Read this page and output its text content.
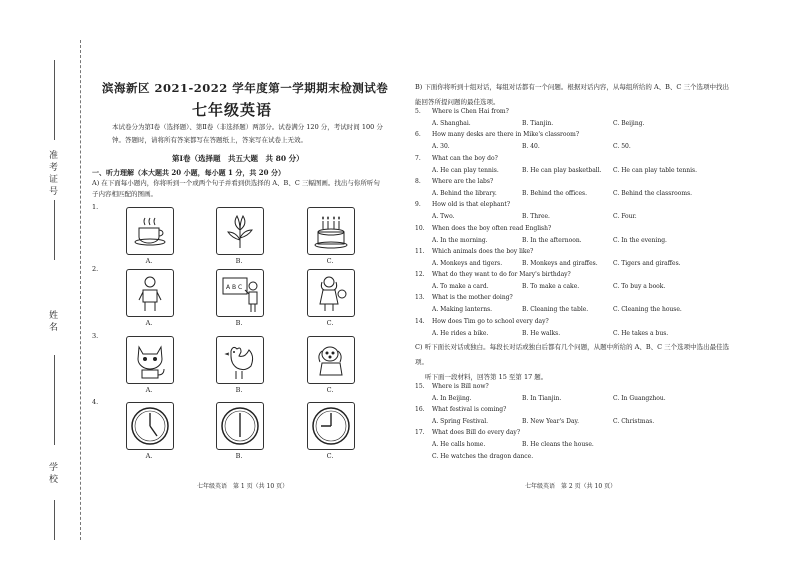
准考证号
姓名
学校
滨海新区 2021-2022 学年度第一学期期末检测试卷
七年级英语
本试卷分为第Ⅰ卷（选择题）、第Ⅱ卷（非选择题）两部分。试卷满分 120 分，考试时间 100 分钟。答题时，请将所有答案都写在答题纸上，答案写在试卷上无效。
第Ⅰ卷（选择题　共五大题　共 80 分）
一、听力理解（本大题共 20 小题，每小题 1 分，共 20 分）
A) 在下面每小题内，你将听到一个或两个句子并看到供选择的 A、B、C 三幅图画。找出与你所听句子内容相匹配的图画。
1.
A.	B.	C.
2.
A B C
A.	B.	C.
3.
A.	B.	C.
4.
A.	B.	C.
七年级英语　第 1 页（共 10 页）
B) 下面你将听到十组对话，每组对话都有一个问题。根据对话内容，从每组所给的 A、B、C 三个选项中找出能回答所提问题的最佳选项。
5. Where is Chen Hai from?
A. Shanghai.	B. Tianjin.	C. Beijing.
6. How many desks are there in Mike's classroom?
A. 30.	B. 40.	C. 50.
7. What can the boy do?
A. He can play tennis.	B. He can play basketball. C. He can play table tennis.
8. Where are the labs?
A. Behind the library.	B. Behind the offices.	C. Behind the classrooms.
9. How old is that elephant?
A. Two.	B. Three.	C. Four.
10. When does the boy often read English?
A. In the morning.	B. In the afternoon.	C. In the evening.
11. Which animals does the boy like?
A. Monkeys and tigers.	B. Monkeys and giraffes.	C. Tigers and giraffes.
12. What do they want to do for Mary's birthday?
A. To make a card.	B. To make a cake.	C. To buy a book.
13. What is the mother doing?
A. Making lanterns.	B. Cleaning the table.	C. Cleaning the house.
14. How does Tim go to school every day?
A. He rides a bike.	B. He walks.	C. He takes a bus.
C) 听下面长对话或独白。每段长对话或独白后都有几个问题，从题中所给的 A、B、C 三个选项中选出最佳选项。
听下面一段材料，回答第 15 至第 17 题。
15. Where is Bill now?
A. In Beijing.	B. In Tianjin.	C. In Guangzhou.
16. What festival is coming?
A. Spring Festival.	B. New Year's Day.	C. Christmas.
17. What does Bill do every day?
A. He calls home.	B. He cleans the house.
C. He watches the dragon dance.
七年级英语　第 2 页（共 10 页）
